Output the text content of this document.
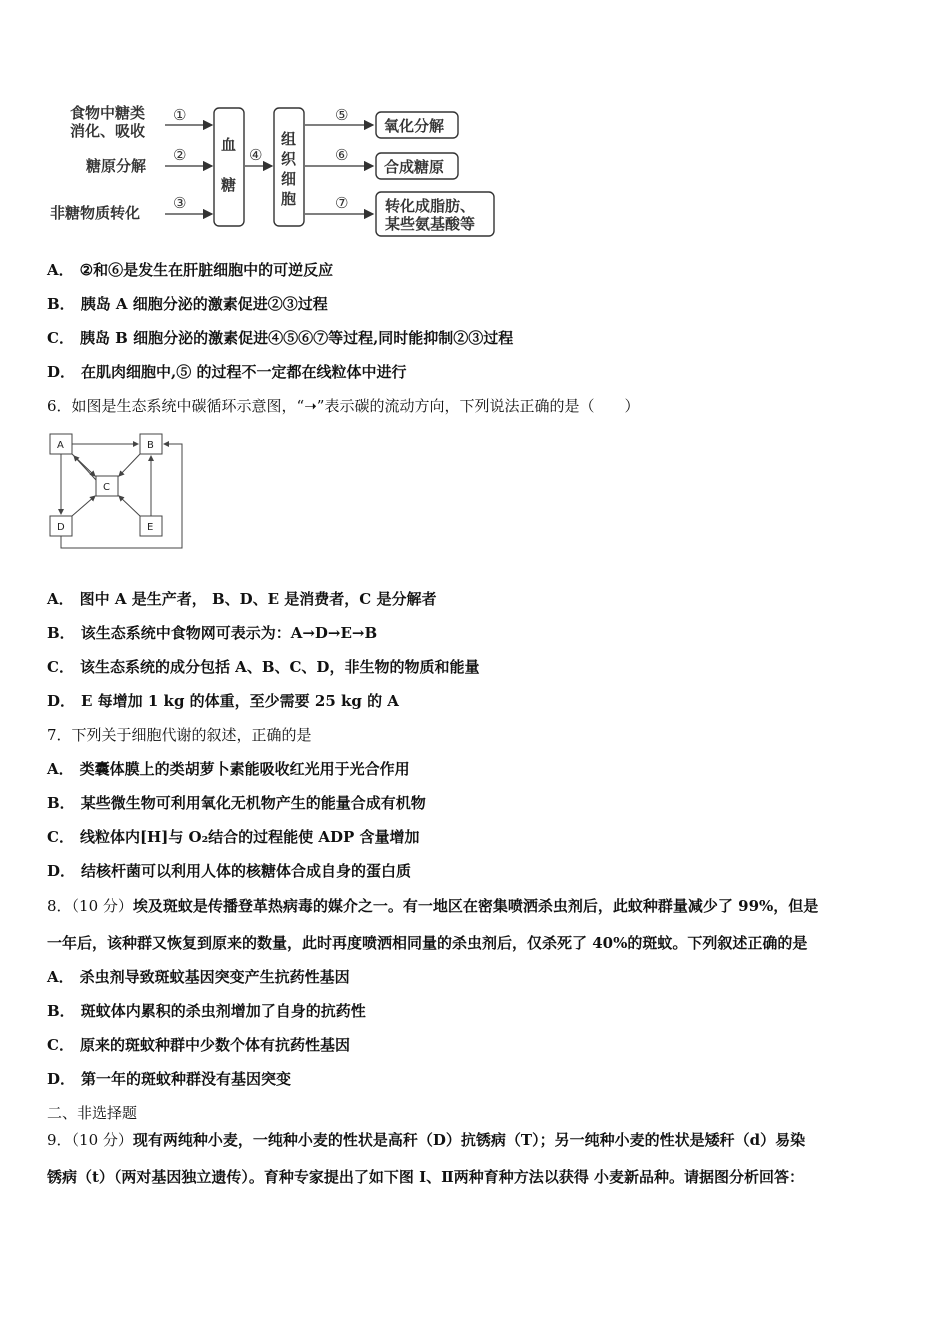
食物中糖类
消化、吸收
糖原分解
非糖物质转化
①
②
③
血
糖
④
组
织
细
胞
⑤
⑥
⑦
氧化分解
合成糖原
转化成脂肪、
某些氨基酸等
A． ②和⑥是发生在肝脏细胞中的可逆反应
B． 胰岛 A 细胞分泌的激素促进②③过程
C． 胰岛 B 细胞分泌的激素促进④⑤⑥⑦等过程,同时能抑制②③过程
D． 在肌肉细胞中,⑤ 的过程不一定都在线粒体中进行
6．如图是生态系统中碳循环示意图，“➝”表示碳的流动方向，下列说法正确的是（　　）
A	B
C
D	E
A． 图中 A 是生产者， B、D、E 是消费者，C 是分解者
B． 该生态系统中食物网可表示为：A→D→E→B
C． 该生态系统的成分包括 A、B、C、D，非生物的物质和能量
D． E 每增加 1 kg 的体重，至少需要 25 kg 的 A
7．下列关于细胞代谢的叙述，正确的是
A． 类囊体膜上的类胡萝卜素能吸收红光用于光合作用
B． 某些微生物可利用氧化无机物产生的能量合成有机物
C． 线粒体内[H]与 O₂结合的过程能使 ADP 含量增加
D． 结核杆菌可以利用人体的核糖体合成自身的蛋白质
8．（10 分）埃及斑蚊是传播登革热病毒的媒介之一。有一地区在密集喷洒杀虫剂后，此蚊种群量减少了 99%，但是
一年后，该种群又恢复到原来的数量，此时再度喷洒相同量的杀虫剂后，仅杀死了 40%的斑蚊。下列叙述正确的是
A． 杀虫剂导致斑蚊基因突变产生抗药性基因
B． 斑蚊体内累积的杀虫剂增加了自身的抗药性
C． 原来的斑蚊种群中少数个体有抗药性基因
D． 第一年的斑蚊种群没有基因突变
二、非选择题
9．（10 分）现有两纯种小麦，一纯种小麦的性状是高秆（D）抗锈病（T）；另一纯种小麦的性状是矮秆（d）易染
锈病（t）（两对基因独立遗传）。育种专家提出了如下图 I、Ⅱ两种育种方法以获得 小麦新品种。请据图分析回答：
